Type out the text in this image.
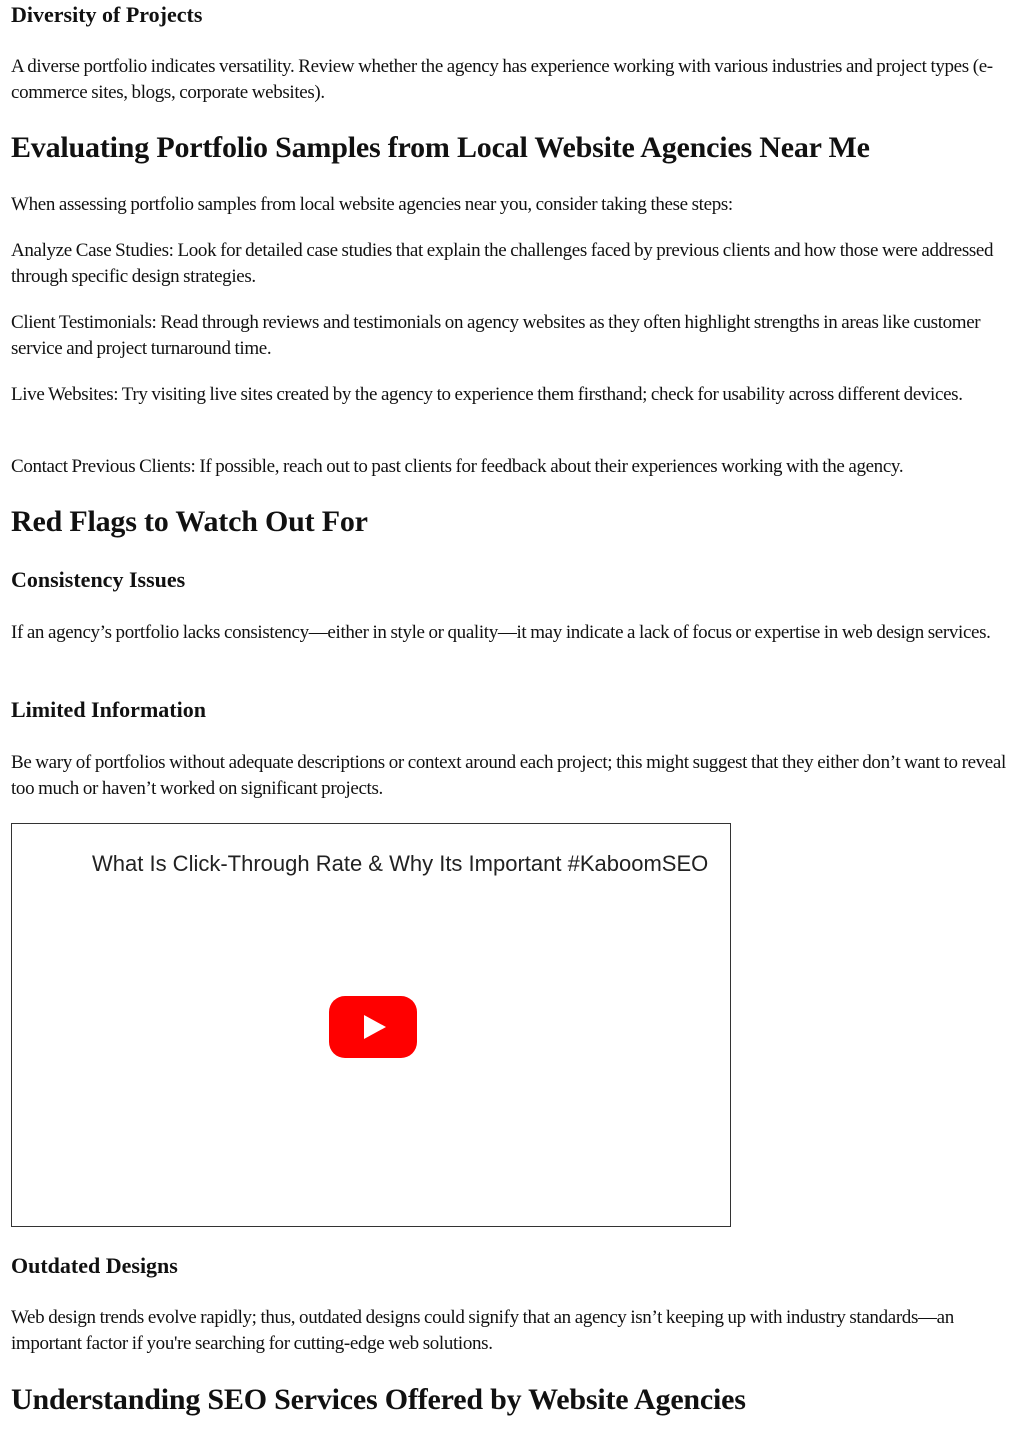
Diversity of Projects

A diverse portfolio indicates versatility. Review whether the agency has experience working with various industries and project types (e-commerce sites, blogs, corporate websites).

Evaluating Portfolio Samples from Local Website Agencies Near Me

When assessing portfolio samples from local website agencies near you, consider taking these steps:

Analyze Case Studies: Look for detailed case studies that explain the challenges faced by previous clients and how those were addressed through specific design strategies.

Client Testimonials: Read through reviews and testimonials on agency websites as they often highlight strengths in areas like customer service and project turnaround time.

Live Websites: Try visiting live sites created by the agency to experience them firsthand; check for usability across different devices.

Contact Previous Clients: If possible, reach out to past clients for feedback about their experiences working with the agency.

Red Flags to Watch Out For
Consistency Issues

If an agency’s portfolio lacks consistency—either in style or quality—it may indicate a lack of focus or expertise in web design services.

Limited Information

Be wary of portfolios without adequate descriptions or context around each project; this might suggest that they either don’t want to reveal too much or haven’t worked on significant projects.

What Is Click-Through Rate & Why Its Important #KaboomSEO
Outdated Designs

Web design trends evolve rapidly; thus, outdated designs could signify that an agency isn’t keeping up with industry standards—an important factor if you're searching for cutting-edge web solutions.

Understanding SEO Services Offered by Website Agencies
